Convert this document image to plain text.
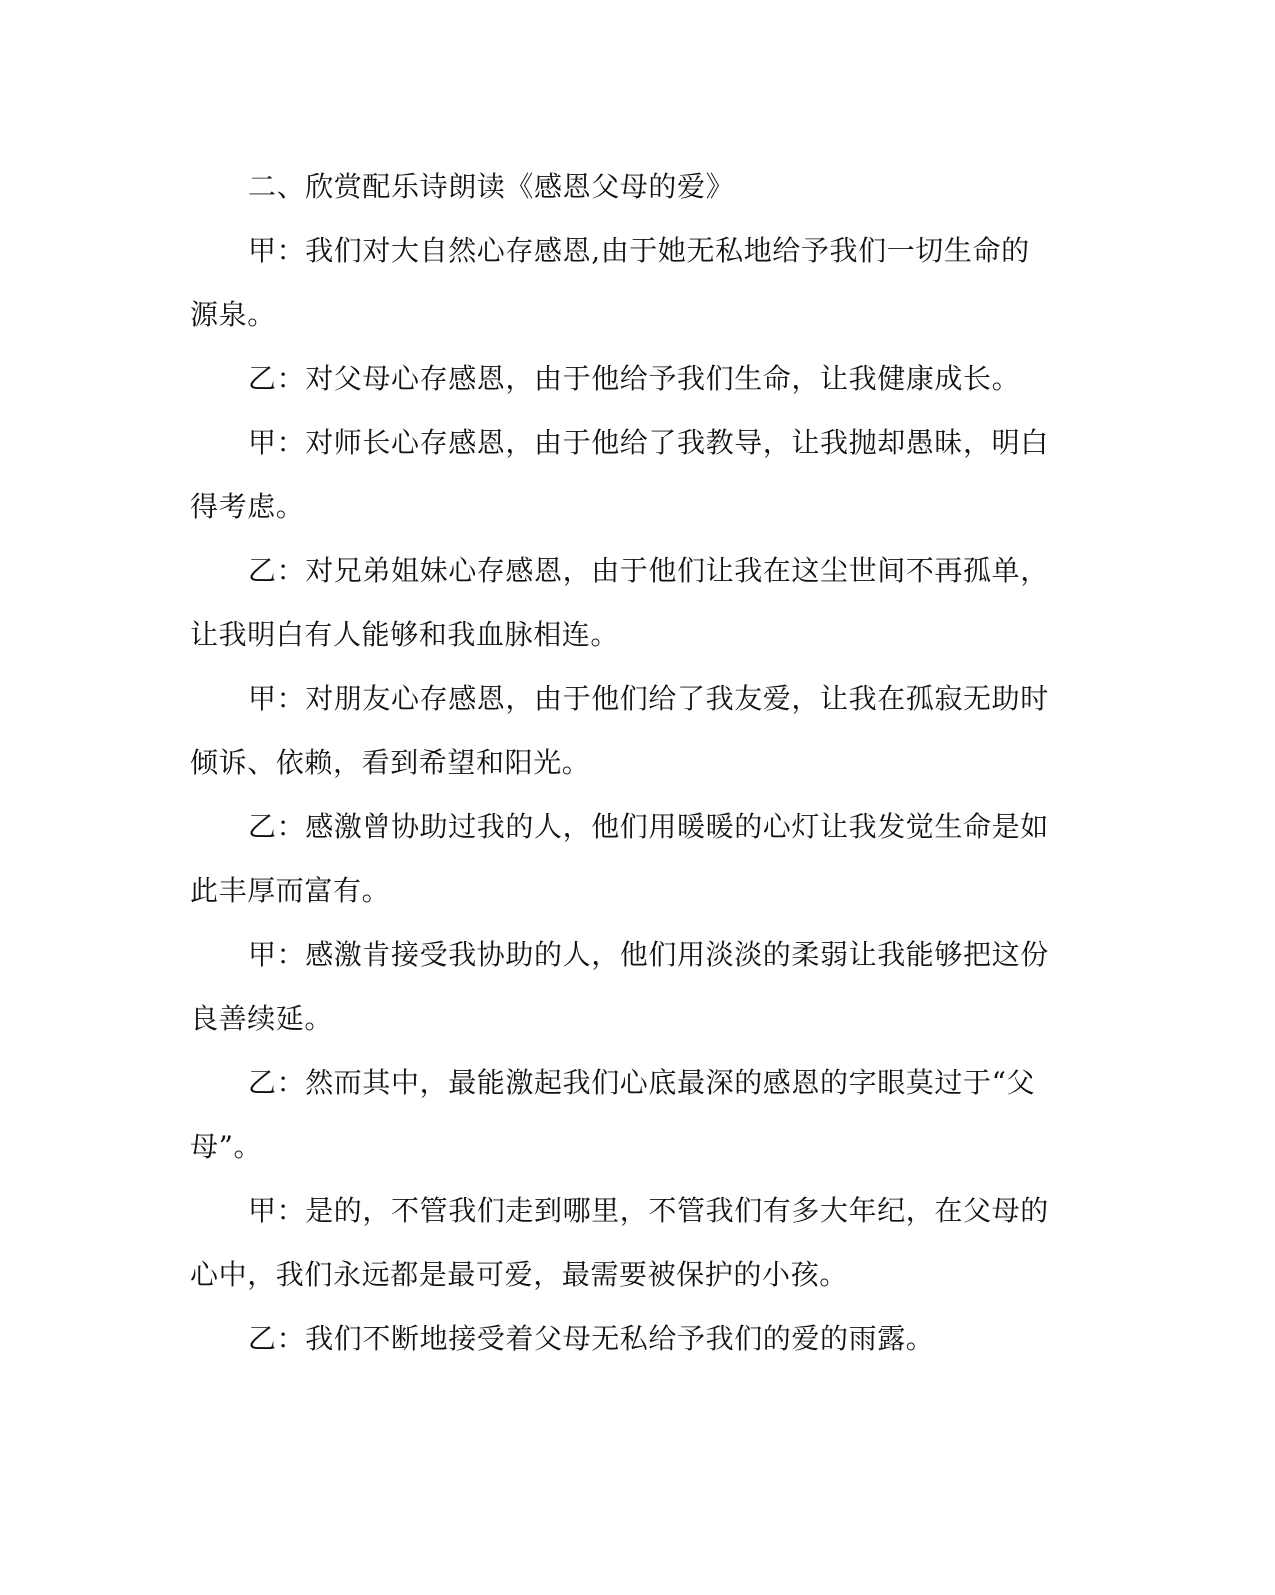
二、欣赏配乐诗朗读《感恩父母的爱》

甲：我们对大自然心存感恩,由于她无私地给予我们一切生命的源泉。

乙：对父母心存感恩，由于他给予我们生命，让我健康成长。

甲：对师长心存感恩，由于他给了我教导，让我抛却愚昧，明白得考虑。

乙：对兄弟姐妹心存感恩，由于他们让我在这尘世间不再孤单，让我明白有人能够和我血脉相连。

甲：对朋友心存感恩，由于他们给了我友爱，让我在孤寂无助时倾诉、依赖，看到希望和阳光。

乙：感激曾协助过我的人，他们用暖暖的心灯让我发觉生命是如此丰厚而富有。

甲：感激肯接受我协助的人，他们用淡淡的柔弱让我能够把这份良善续延。

乙：然而其中，最能激起我们心底最深的感恩的字眼莫过于“父母”。

甲：是的，不管我们走到哪里，不管我们有多大年纪，在父母的心中，我们永远都是最可爱，最需要被保护的小孩。

乙：我们不断地接受着父母无私给予我们的爱的雨露。
